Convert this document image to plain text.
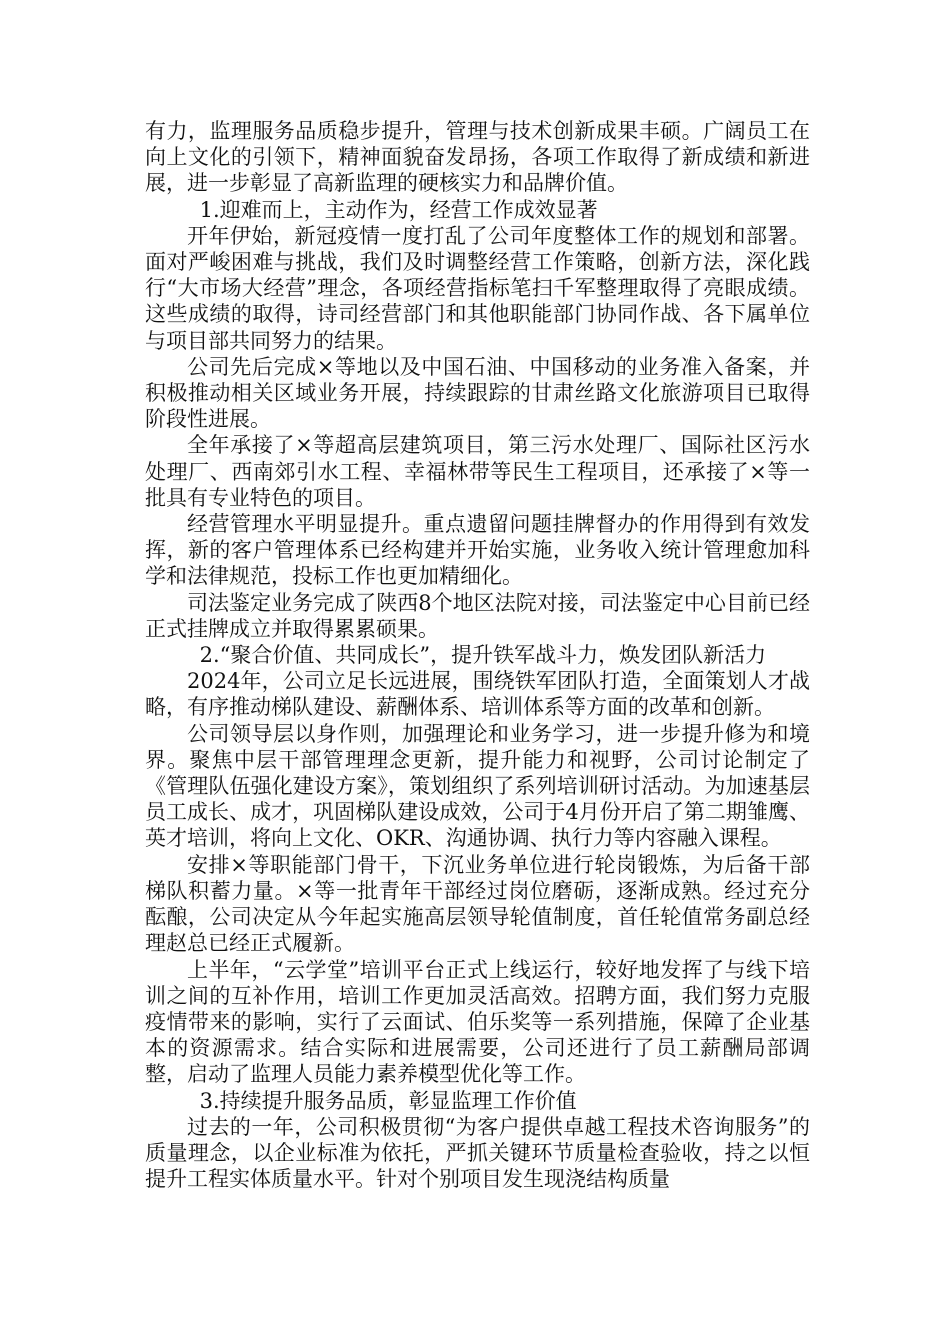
有力，监理服务品质稳步提升，管理与技术创新成果丰硕。广阔员工在向上文化的引领下，精神面貌奋发昂扬，各项工作取得了新成绩和新进展，进一步彰显了高新监理的硬核实力和品牌价值。

1.迎难而上，主动作为，经营工作成效显著

开年伊始，新冠疫情一度打乱了公司年度整体工作的规划和部署。面对严峻困难与挑战，我们及时调整经营工作策略，创新方法，深化践行“大市场大经营”理念，各项经营指标笔扫千军整理取得了亮眼成绩。这些成绩的取得，诗司经营部门和其他职能部门协同作战、各下属单位与项目部共同努力的结果。

公司先后完成×等地以及中国石油、中国移动的业务准入备案，并积极推动相关区域业务开展，持续跟踪的甘肃丝路文化旅游项目已取得阶段性进展。

全年承接了×等超高层建筑项目，第三污水处理厂、国际社区污水处理厂、西南郊引水工程、幸福林带等民生工程项目，还承接了×等一批具有专业特色的项目。

经营管理水平明显提升。重点遗留问题挂牌督办的作用得到有效发挥，新的客户管理体系已经构建并开始实施，业务收入统计管理愈加科学和法律规范，投标工作也更加精细化。

司法鉴定业务完成了陕西8个地区法院对接，司法鉴定中心目前已经正式挂牌成立并取得累累硕果。

2.“聚合价值、共同成长”，提升铁军战斗力，焕发团队新活力

2024年，公司立足长远进展，围绕铁军团队打造，全面策划人才战略，有序推动梯队建设、薪酬体系、培训体系等方面的改革和创新。

公司领导层以身作则，加强理论和业务学习，进一步提升修为和境界。聚焦中层干部管理理念更新，提升能力和视野，公司讨论制定了《管理队伍强化建设方案》，策划组织了系列培训研讨活动。为加速基层员工成长、成才，巩固梯队建设成效，公司于4月份开启了第二期雏鹰、英才培训，将向上文化、OKR、沟通协调、执行力等内容融入课程。

安排×等职能部门骨干，下沉业务单位进行轮岗锻炼，为后备干部梯队积蓄力量。×等一批青年干部经过岗位磨砺，逐渐成熟。经过充分酝酿，公司决定从今年起实施高层领导轮值制度，首任轮值常务副总经理赵总已经正式履新。

上半年，“云学堂”培训平台正式上线运行，较好地发挥了与线下培训之间的互补作用，培训工作更加灵活高效。招聘方面，我们努力克服疫情带来的影响，实行了云面试、伯乐奖等一系列措施，保障了企业基本的资源需求。结合实际和进展需要，公司还进行了员工薪酬局部调整，启动了监理人员能力素养模型优化等工作。

3.持续提升服务品质，彰显监理工作价值

过去的一年，公司积极贯彻“为客户提供卓越工程技术咨询服务”的质量理念，以企业标准为依托，严抓关键环节质量检查验收，持之以恒提升工程实体质量水平。针对个别项目发生现浇结构质量
